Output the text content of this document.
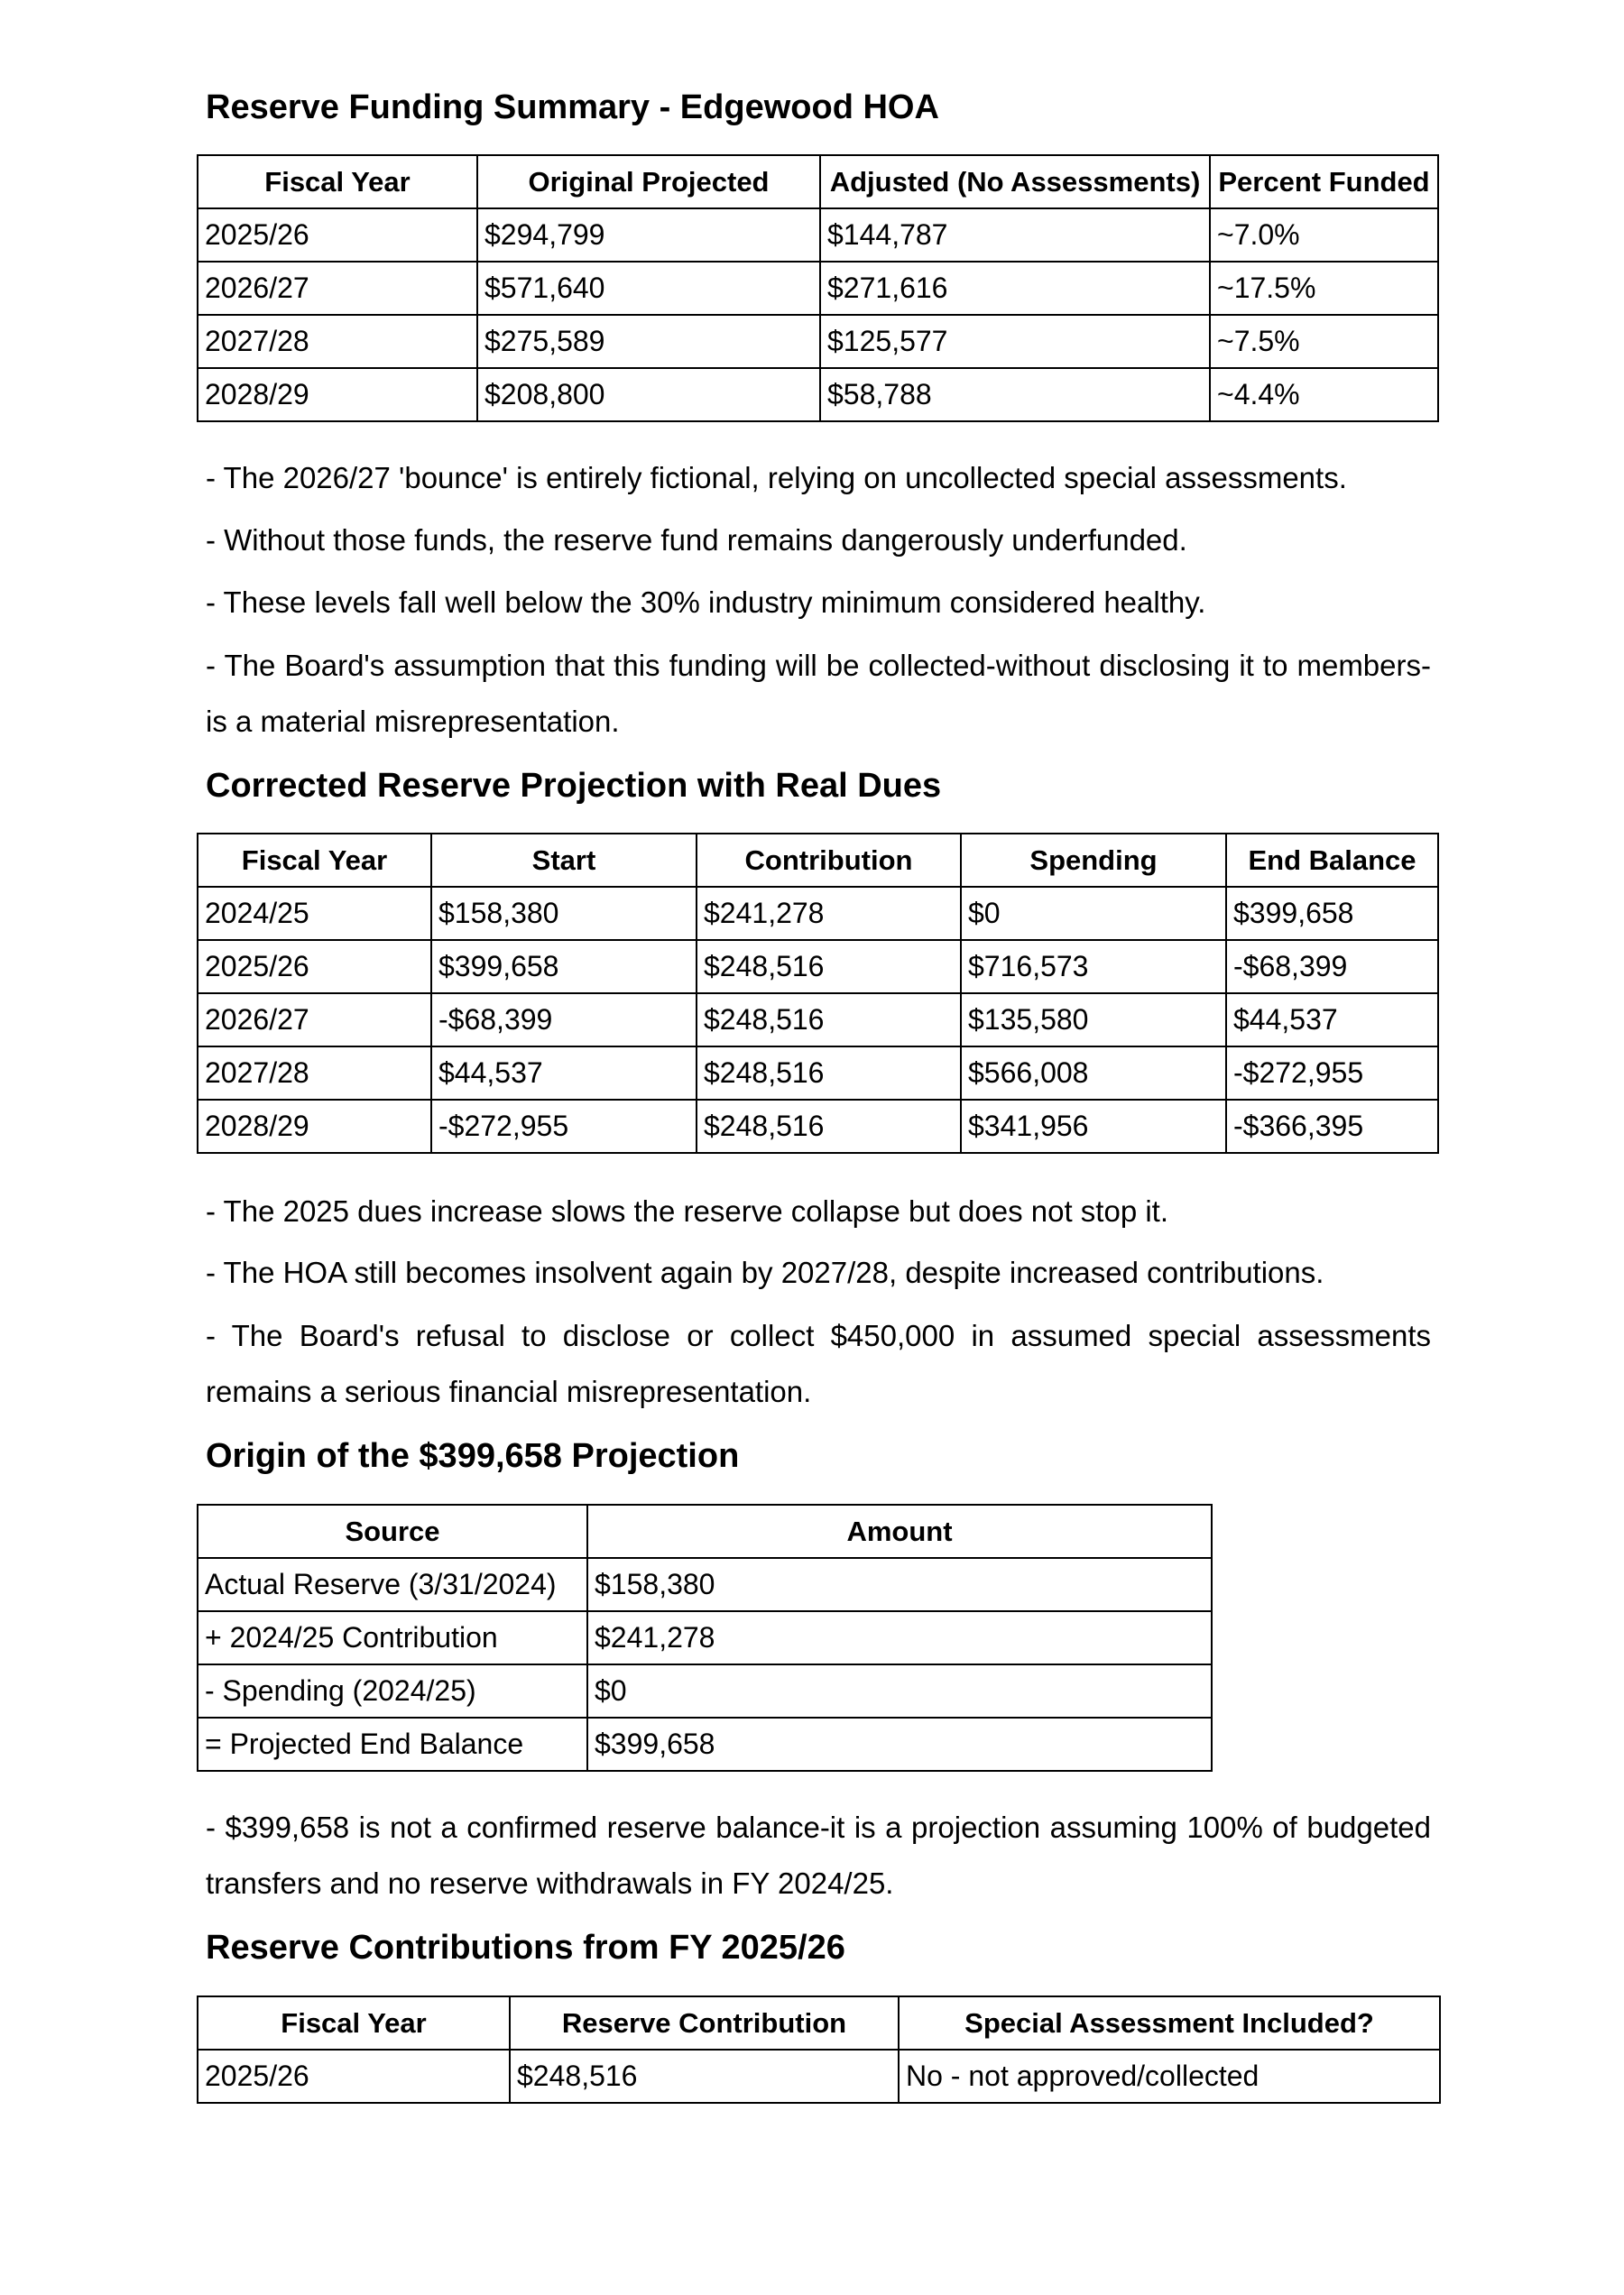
Reserve Funding Summary - Edgewood HOA
Fiscal Year	Original Projected	Adjusted (No Assessments)	Percent Funded
2025/26	$294,799	$144,787	~7.0%
2026/27	$571,640	$271,616	~17.5%
2027/28	$275,589	$125,577	~7.5%
2028/29	$208,800	$58,788	~4.4%

- The 2026/27 'bounce' is entirely fictional, relying on uncollected special assessments.

- Without those funds, the reserve fund remains dangerously underfunded.

- These levels fall well below the 30% industry minimum considered healthy.

- The Board's assumption that this funding will be collected-without disclosing it to members-is a material misrepresentation.

Corrected Reserve Projection with Real Dues
Fiscal Year	Start	Contribution	Spending	End Balance
2024/25	$158,380	$241,278	$0	$399,658
2025/26	$399,658	$248,516	$716,573	-$68,399
2026/27	-$68,399	$248,516	$135,580	$44,537
2027/28	$44,537	$248,516	$566,008	-$272,955
2028/29	-$272,955	$248,516	$341,956	-$366,395

- The 2025 dues increase slows the reserve collapse but does not stop it.

- The HOA still becomes insolvent again by 2027/28, despite increased contributions.

- The Board's refusal to disclose or collect $450,000 in assumed special assessments remains a serious financial misrepresentation.

Origin of the $399,658 Projection
Source	Amount
Actual Reserve (3/31/2024)	$158,380
+ 2024/25 Contribution	$241,278
- Spending (2024/25)	$0
= Projected End Balance	$399,658

- $399,658 is not a confirmed reserve balance-it is a projection assuming 100% of budgeted transfers and no reserve withdrawals in FY 2024/25.

Reserve Contributions from FY 2025/26
Fiscal Year	Reserve Contribution	Special Assessment Included?
2025/26	$248,516	No - not approved/collected
